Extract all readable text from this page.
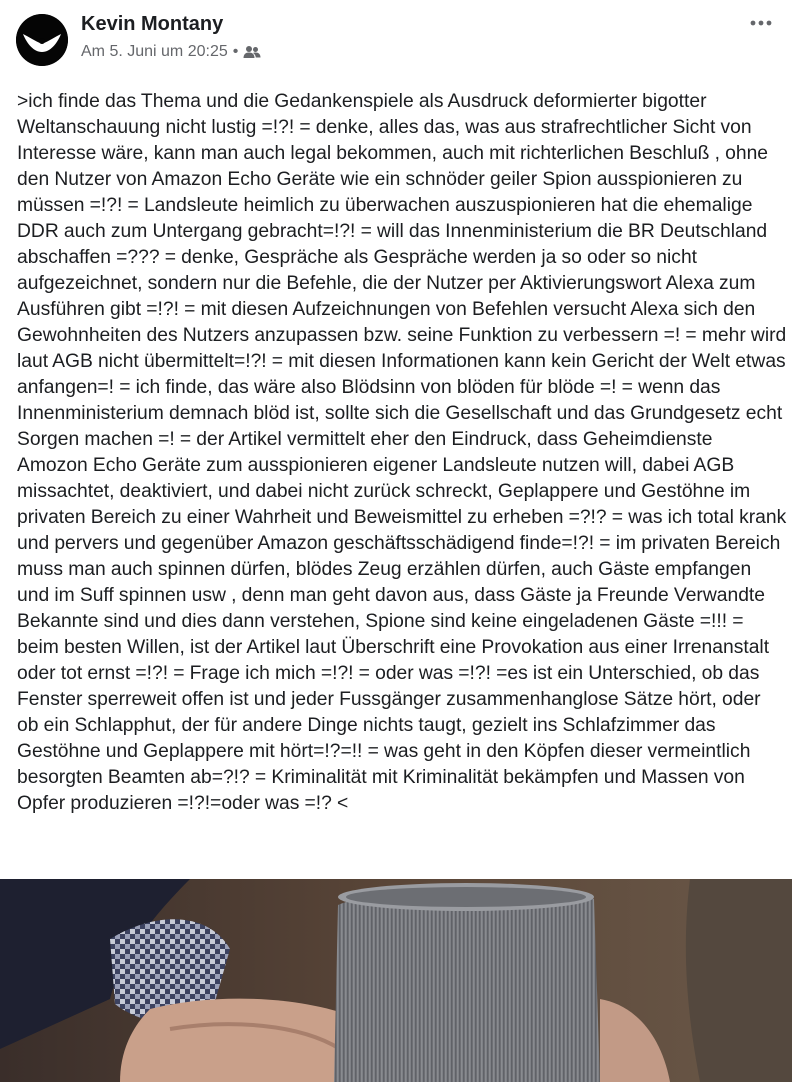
Kevin Montany
Am 5. Juni um 20:25 •

>ich finde das Thema und die Gedankenspiele als Ausdruck deformierter bigotter Weltanschauung nicht lustig =!?! = denke, alles das, was aus strafrechtlicher Sicht von Interesse wäre, kann man auch legal bekommen, auch mit richterlichen Beschluß , ohne den Nutzer von Amazon Echo Geräte wie ein schnöder geiler Spion ausspionieren zu müssen =!?! = Landsleute heimlich zu überwachen auszuspionieren hat die ehemalige DDR auch zum Untergang gebracht=!?! = will das Innenministerium die BR Deutschland abschaffen =??? = denke, Gespräche als Gespräche werden ja so oder so nicht aufgezeichnet, sondern nur die Befehle, die der Nutzer per Aktivierungswort Alexa zum Ausführen gibt =!?! = mit diesen Aufzeichnungen von Befehlen versucht Alexa sich den Gewohnheiten des Nutzers anzupassen bzw. seine Funktion zu verbessern =! = mehr wird laut AGB nicht übermittelt=!?! = mit diesen Informationen kann kein Gericht der Welt etwas anfangen=! = ich finde, das wäre also Blödsinn von blöden für blöde =! = wenn das Innenministerium demnach blöd ist, sollte sich die Gesellschaft und das Grundgesetz echt Sorgen machen =! = der Artikel vermittelt eher den Eindruck, dass Geheimdienste Amozon Echo Geräte zum ausspionieren eigener Landsleute nutzen will, dabei AGB missachtet, deaktiviert, und dabei nicht zurück schreckt, Geplappere und Gestöhne im privaten Bereich zu einer Wahrheit und Beweismittel zu erheben =?!? = was ich total krank und pervers und gegenüber Amazon geschäftsschädigend finde=!?! = im privaten Bereich muss man auch spinnen dürfen, blödes Zeug erzählen dürfen, auch Gäste empfangen und im Suff spinnen usw , denn man geht davon aus, dass Gäste ja Freunde Verwandte Bekannte sind und dies dann verstehen, Spione sind keine eingeladenen Gäste =!!! = beim besten Willen, ist der Artikel laut Überschrift eine Provokation aus einer Irrenanstalt oder tot ernst =!?! = Frage ich mich =!?! = oder was =!?! =es ist ein Unterschied, ob das Fenster sperreweit offen ist und jeder Fussgänger zusammenhanglose Sätze hört, oder ob ein Schlapphut, der für andere Dinge nichts taugt, gezielt ins Schlafzimmer das Gestöhne und Geplappere mit hört=!?=!! = was geht in den Köpfen dieser vermeintlich besorgten Beamten ab=?!? = Kriminalität mit Kriminalität bekämpfen und Massen von Opfer produzieren =!?!=oder was =!? <
